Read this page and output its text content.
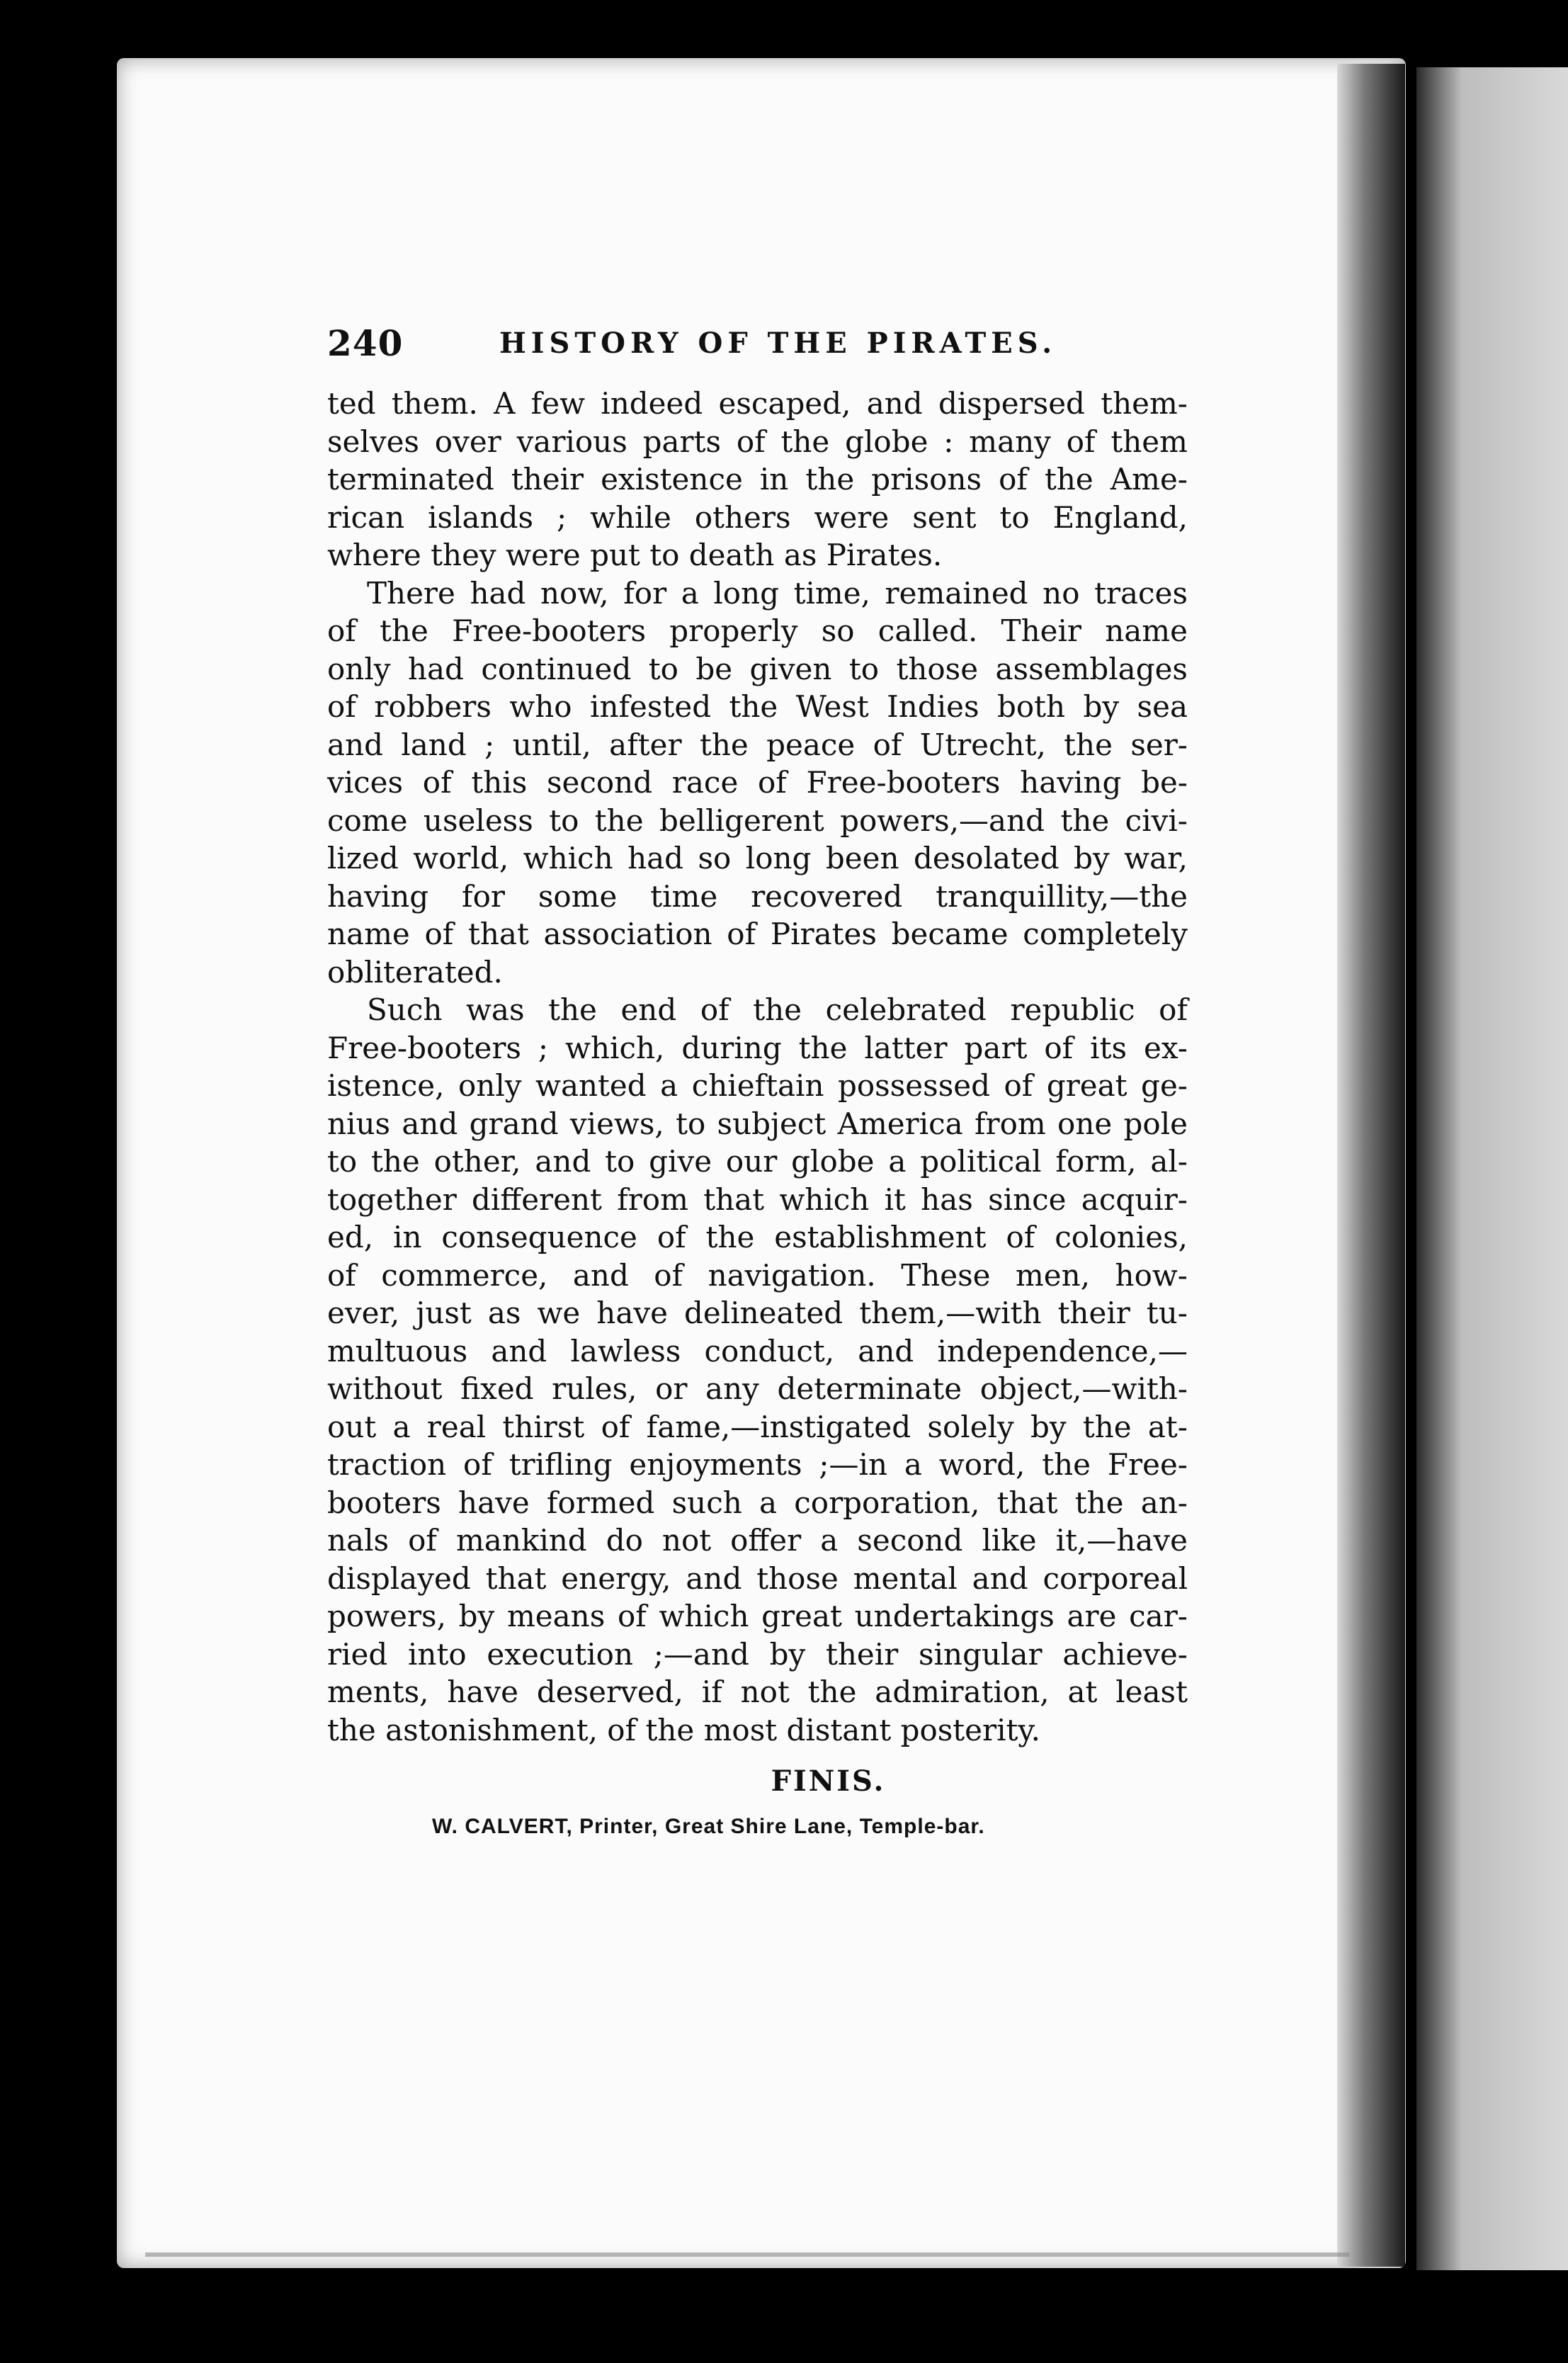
240	HISTORY OF THE PIRATES.
ted them. A few indeed escaped, and dispersed them-
selves over various parts of the globe : many of them
terminated their existence in the prisons of the Ame-
rican islands ; while others were sent to England,
where they were put to death as Pirates.
There had now, for a long time, remained no traces
of the Free-booters properly so called. Their name
only had continued to be given to those assemblages
of robbers who infested the West Indies both by sea
and land ; until, after the peace of Utrecht, the ser-
vices of this second race of Free-booters having be-
come useless to the belligerent powers,—and the civi-
lized world, which had so long been desolated by war,
having for some time recovered tranquillity,—the
name of that association of Pirates became completely
obliterated.
Such was the end of the celebrated republic of
Free-booters ; which, during the latter part of its ex-
istence, only wanted a chieftain possessed of great ge-
nius and grand views, to subject America from one pole
to the other, and to give our globe a political form, al-
together different from that which it has since acquir-
ed, in consequence of the establishment of colonies,
of commerce, and of navigation. These men, how-
ever, just as we have delineated them,—with their tu-
multuous and lawless conduct, and independence,—
without fixed rules, or any determinate object,—with-
out a real thirst of fame,—instigated solely by the at-
traction of trifling enjoyments ;—in a word, the Free-
booters have formed such a corporation, that the an-
nals of mankind do not offer a second like it,—have
displayed that energy, and those mental and corporeal
powers, by means of which great undertakings are car-
ried into execution ;—and by their singular achieve-
ments, have deserved, if not the admiration, at least
the astonishment, of the most distant posterity.
FINIS.
W. CALVERT, Printer, Great Shire Lane, Temple-bar.
